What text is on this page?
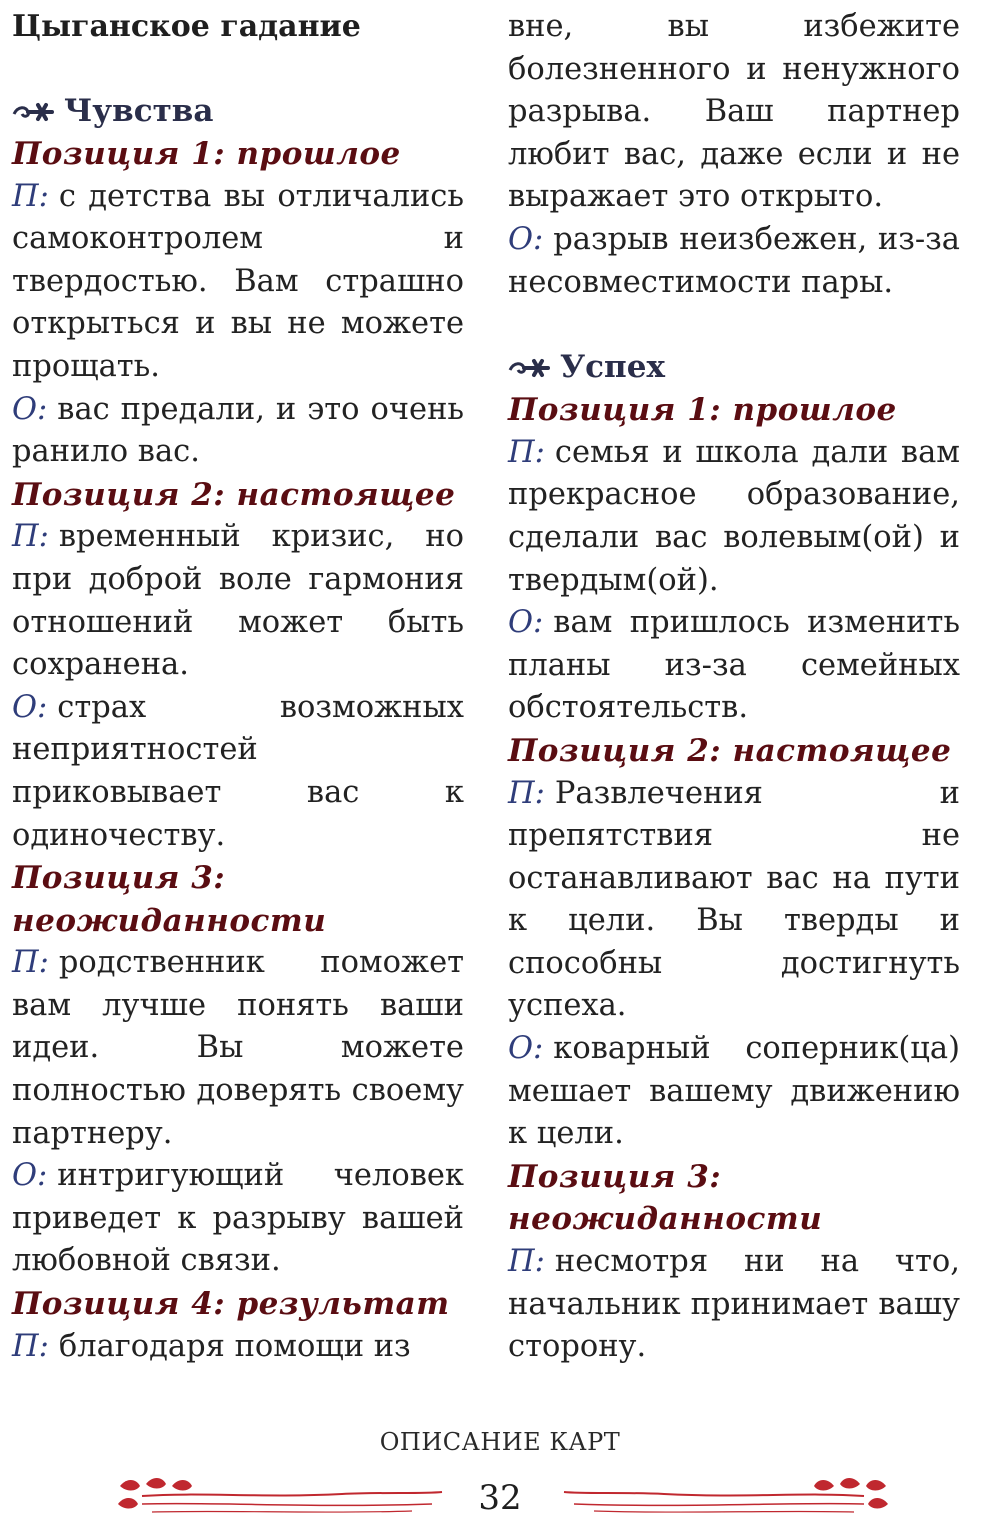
Цыганское гадание

Чувства

Позиция 1: прошлое

П: с детства вы отличались самоконтролем и твердостью. Вам страшно открыться и вы не можете прощать.

О: вас предали, и это очень ранило вас.

Позиция 2: настоящее

П: временный кризис, но при доброй воле гармония отношений может быть сохранена.

О: страх возможных неприятностей приковывает вас к одиночеству.

Позиция 3: неожиданности

П: родственник поможет вам лучше понять ваши идеи. Вы можете полностью доверять своему партнеру.

О: интригующий человек приведет к разрыву вашей любовной связи.

Позиция 4: результат

П: благодаря помощи из

вне, вы избежите болезненного и ненужного разрыва. Ваш партнер любит вас, даже если и не выражает это открыто.

О: разрыв неизбежен, из-за несовместимости пары.

Успех

Позиция 1: прошлое

П: семья и школа дали вам прекрасное образование, сделали вас волевым(ой) и твердым(ой).

О: вам пришлось изменить планы из-за семейных обстоятельств.

Позиция 2: настоящее

П: Развлечения и препятствия не останавливают вас на пути к цели. Вы тверды и способны достигнуть успеха.

О: коварный соперник(ца) мешает вашему движению к цели.

Позиция 3: неожиданности

П: несмотря ни на что, начальник принимает вашу сторону.

ОПИСАНИЕ КАРТ
32
